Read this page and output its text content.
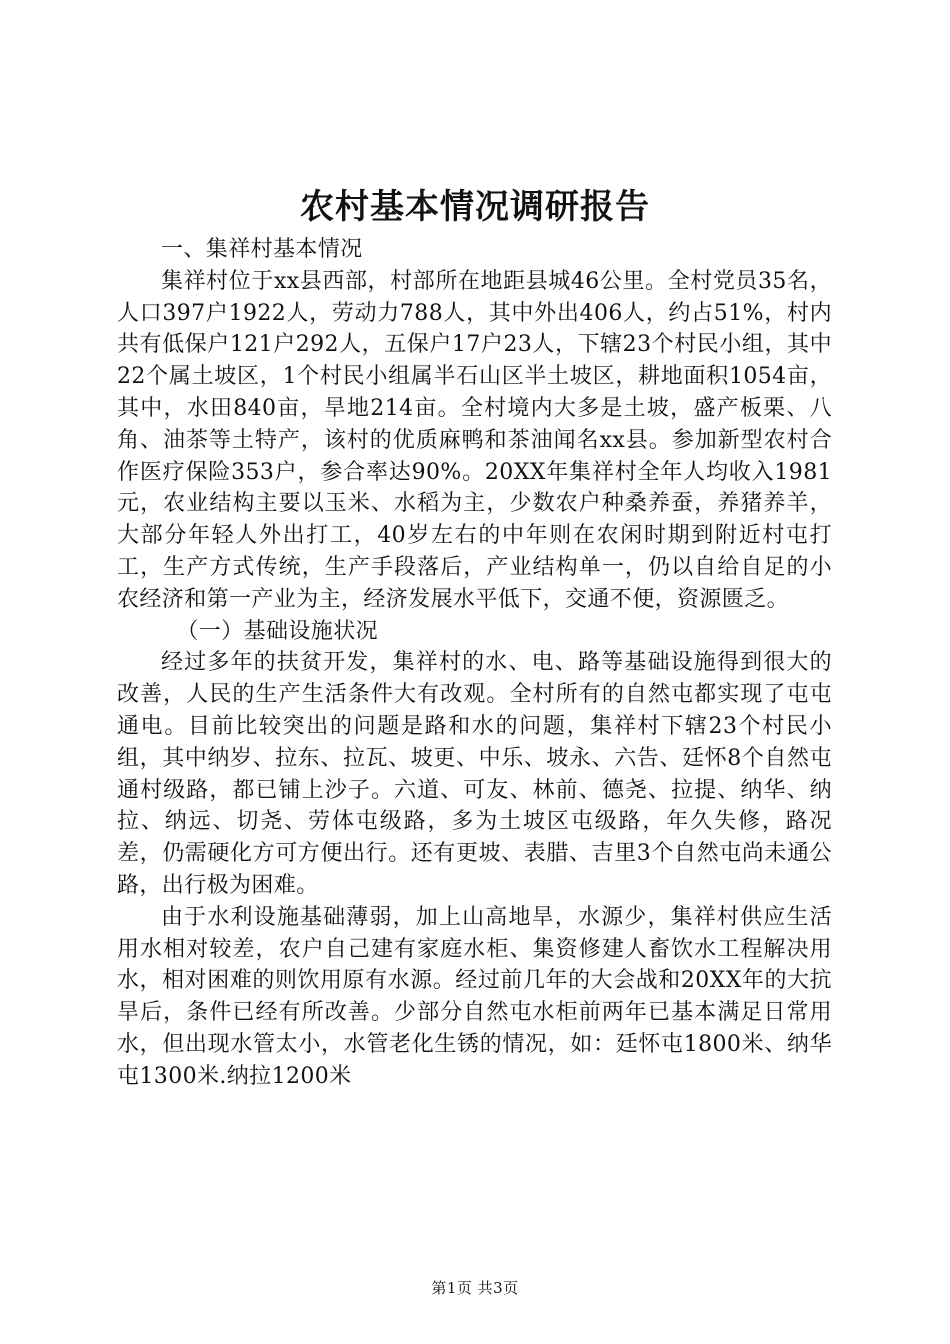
农村基本情况调研报告

一、集祥村基本情况

集祥村位于xx县西部，村部所在地距县城46公里。全村党员35名，人口397户1922人，劳动力788人，其中外出406人，约占51%，村内共有低保户121户292人，五保户17户23人，下辖23个村民小组，其中22个属土坡区，1个村民小组属半石山区半土坡区，耕地面积1054亩，其中，水田840亩，旱地214亩。全村境内大多是土坡，盛产板栗、八角、油茶等土特产，该村的优质麻鸭和茶油闻名xx县。参加新型农村合作医疗保险353户，参合率达90%。20XX年集祥村全年人均收入1981元，农业结构主要以玉米、水稻为主，少数农户种桑养蚕，养猪养羊，大部分年轻人外出打工，40岁左右的中年则在农闲时期到附近村屯打工，生产方式传统，生产手段落后，产业结构单一，仍以自给自足的小农经济和第一产业为主，经济发展水平低下，交通不便，资源匮乏。

（一）基础设施状况

经过多年的扶贫开发，集祥村的水、电、路等基础设施得到很大的改善，人民的生产生活条件大有改观。全村所有的自然屯都实现了屯屯通电。目前比较突出的问题是路和水的问题，集祥村下辖23个村民小组，其中纳岁、拉东、拉瓦、坡更、中乐、坡永、六告、廷怀8个自然屯通村级路，都已铺上沙子。六道、可友、林前、德尧、拉提、纳华、纳拉、纳远、切尧、劳体屯级路，多为土坡区屯级路，年久失修，路况差，仍需硬化方可方便出行。还有更坡、表腊、吉里3个自然屯尚未通公路，出行极为困难。

由于水利设施基础薄弱，加上山高地旱，水源少，集祥村供应生活用水相对较差，农户自己建有家庭水柜、集资修建人畜饮水工程解决用水，相对困难的则饮用原有水源。经过前几年的大会战和20XX年的大抗旱后，条件已经有所改善。少部分自然屯水柜前两年已基本满足日常用水，但出现水管太小，水管老化生锈的情况，如：廷怀屯1800米、纳华屯1300米.纳拉1200米

第1页 共3页
